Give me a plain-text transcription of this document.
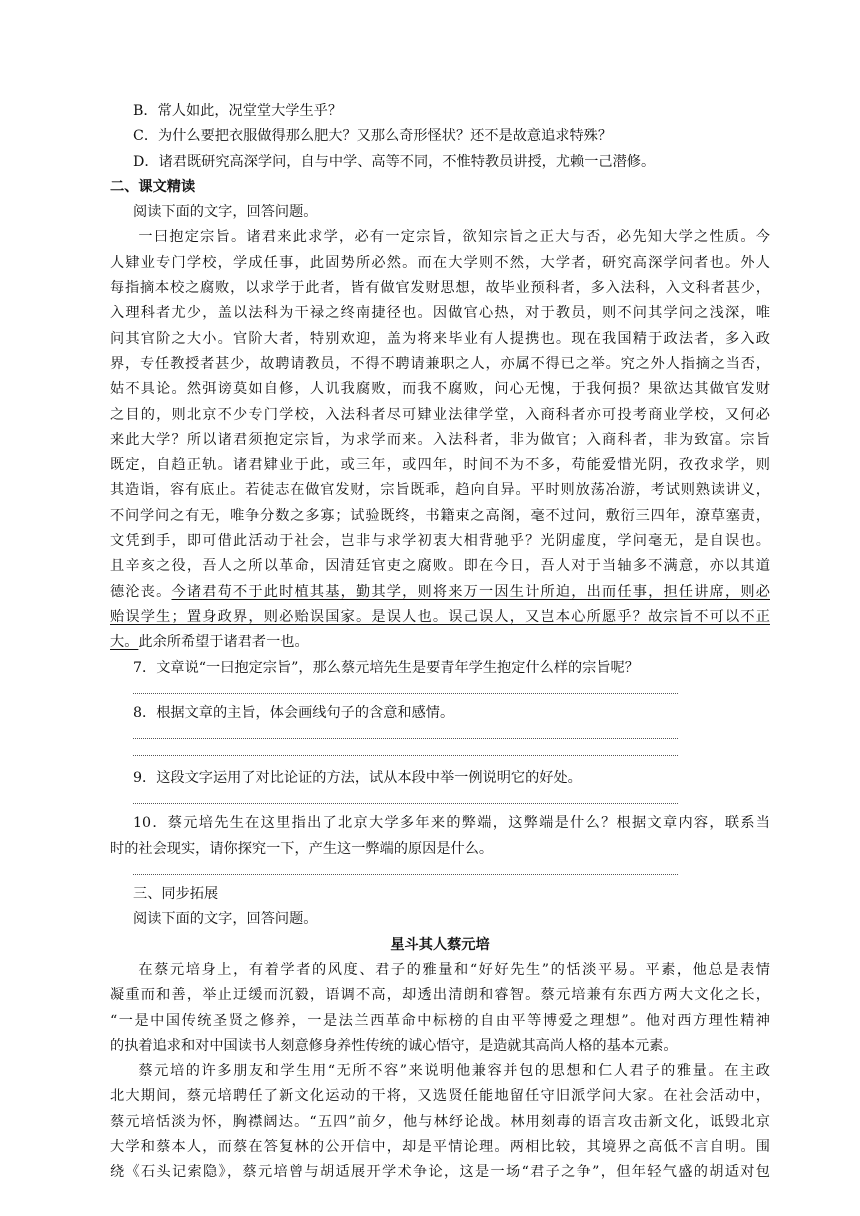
B．常人如此，况堂堂大学生乎？
C．为什么要把衣服做得那么肥大？又那么奇形怪状？还不是故意追求特殊？
D．诸君既研究高深学问，自与中学、高等不同，不惟特教员讲授，尤赖一己潜修。
二、课文精读
阅读下面的文字，回答问题。
一曰抱定宗旨。诸君来此求学，必有一定宗旨，欲知宗旨之正大与否，必先知大学之性质。今
人肄业专门学校，学成任事，此固势所必然。而在大学则不然，大学者，研究高深学问者也。外人
每指摘本校之腐败，以求学于此者，皆有做官发财思想，故毕业预科者，多入法科，入文科者甚少，
入理科者尤少，盖以法科为干禄之终南捷径也。因做官心热，对于教员，则不问其学问之浅深，唯
问其官阶之大小。官阶大者，特别欢迎，盖为将来毕业有人提携也。现在我国精于政法者，多入政
界，专任教授者甚少，故聘请教员，不得不聘请兼职之人，亦属不得已之举。究之外人指摘之当否，
姑不具论。然弭谤莫如自修，人讥我腐败，而我不腐败，问心无愧，于我何损？果欲达其做官发财
之目的，则北京不少专门学校，入法科者尽可肄业法律学堂，入商科者亦可投考商业学校，又何必
来此大学？所以诸君须抱定宗旨，为求学而来。入法科者，非为做官；入商科者，非为致富。宗旨
既定，自趋正轨。诸君肄业于此，或三年，或四年，时间不为不多，苟能爱惜光阴，孜孜求学，则
其造诣，容有底止。若徒志在做官发财，宗旨既乖，趋向自异。平时则放荡冶游，考试则熟读讲义，
不问学问之有无，唯争分数之多寡；试验既终，书籍束之高阁，毫不过问，敷衍三四年，潦草塞责，
文凭到手，即可借此活动于社会，岂非与求学初衷大相背驰乎？光阴虚度，学问毫无，是自误也。
且辛亥之役，吾人之所以革命，因清廷官吏之腐败。即在今日，吾人对于当轴多不满意，亦以其道
德沦丧。今诸君苟不于此时植其基，勤其学，则将来万一因生计所迫，出而任事，担任讲席，则必
贻误学生；置身政界，则必贻误国家。是误人也。误己误人，又岂本心所愿乎？故宗旨不可以不正
大。此余所希望于诸君者一也。
7．文章说“一曰抱定宗旨”，那么蔡元培先生是要青年学生抱定什么样的宗旨呢？
8．根据文章的主旨，体会画线句子的含意和感情。
9．这段文字运用了对比论证的方法，试从本段中举一例说明它的好处。
10．蔡元培先生在这里指出了北京大学多年来的弊端，这弊端是什么？根据文章内容，联系当
时的社会现实，请你探究一下，产生这一弊端的原因是什么。
三、同步拓展
阅读下面的文字，回答问题。
星斗其人蔡元培
在蔡元培身上，有着学者的风度、君子的雅量和“好好先生”的恬淡平易。平素，他总是表情
凝重而和善，举止迂缓而沉毅，语调不高，却透出清朗和睿智。蔡元培兼有东西方两大文化之长，
“一是中国传统圣贤之修养，一是法兰西革命中标榜的自由平等博爱之理想”。他对西方理性精神
的执着追求和对中国读书人刻意修身养性传统的诚心悟守，是造就其高尚人格的基本元素。
蔡元培的许多朋友和学生用“无所不容”来说明他兼容并包的思想和仁人君子的雅量。在主政
北大期间，蔡元培聘任了新文化运动的干将，又选贤任能地留任守旧派学问大家。在社会活动中，
蔡元培恬淡为怀，胸襟阔达。“五四”前夕，他与林纾论战。林用刻毒的语言攻击新文化，诋毁北京
大学和蔡本人，而蔡在答复林的公开信中，却是平情论理。两相比较，其境界之高低不言自明。围
绕《石头记索隐》，蔡元培曾与胡适展开学术争论，这是一场“君子之争”，但年轻气盛的胡适对包
